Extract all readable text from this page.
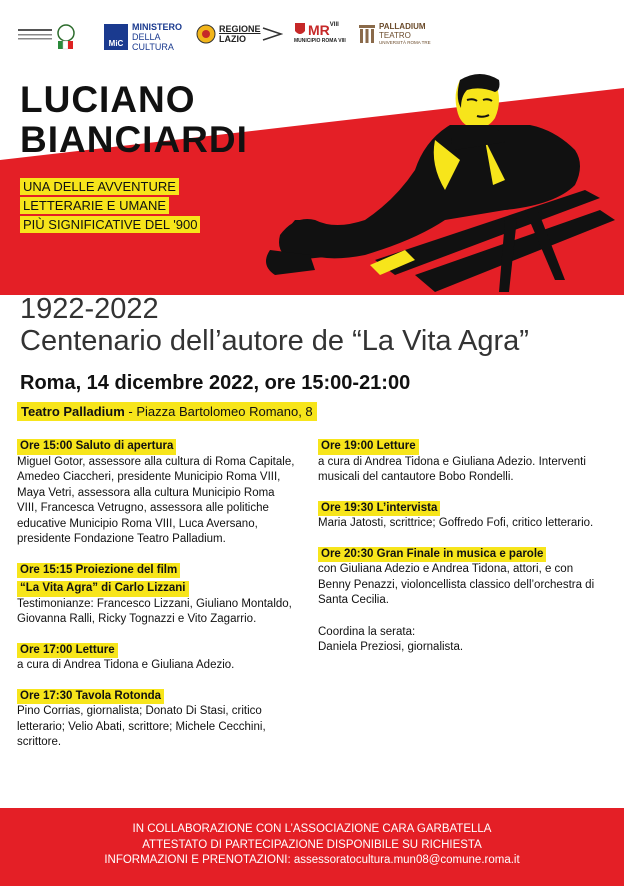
MiC
MINISTERO
DELLA
CULTURA
REGIONE
LAZIO
MR VIII
MUNICIPIO ROMA VIII
PALLADIUM
TEATRO
UNIVERSITÀ ROMA TRE
LUCIANO
BIANCIARDI
UNA DELLE AVVENTURE
LETTERARIE E UMANE
PIÙ SIGNIFICATIVE DEL '900
1922-2022
Centenario dell’autore de “La Vita Agra”
Roma, 14 dicembre 2022, ore 15:00-21:00
Teatro Palladium - Piazza Bartolomeo Romano, 8
Ore 15:00 Saluto di apertura

Miguel Gotor, assessore alla cultura di Roma Capitale, Amedeo Ciaccheri, presidente Municipio Roma VIII, Maya Vetri, assessora alla cultura Municipio Roma VIII, Francesca Vetrugno, assessora alle politiche educative Municipio Roma VIII, Luca Aversano, presidente Fondazione Teatro Palladium.

Ore 15:15 Proiezione del film
“La Vita Agra” di Carlo Lizzani

Testimonianze: Francesco Lizzani, Giuliano Montaldo, Giovanna Ralli, Ricky Tognazzi e Vito Zagarrio.

Ore 17:00 Letture

a cura di Andrea Tidona e Giuliana Adezio.

Ore 17:30 Tavola Rotonda

Pino Corrias, giornalista; Donato Di Stasi, critico letterario; Velio Abati, scrittore; Michele Cecchini, scrittore.

Ore 19:00 Letture

a cura di Andrea Tidona e Giuliana Adezio. Interventi musicali del cantautore Bobo Rondelli.

Ore 19:30 L’intervista

Maria Jatosti, scrittrice; Goffredo Fofi, critico letterario.

Ore 20:30 Gran Finale in musica e parole

con Giuliana Adezio e Andrea Tidona, attori, e con Benny Penazzi, violoncellista classico dell’orchestra di Santa Cecilia.

Coordina la serata:

Daniela Preziosi, giornalista.

IN COLLABORAZIONE CON L’ASSOCIAZIONE CARA GARBATELLA

ATTESTATO DI PARTECIPAZIONE DISPONIBILE SU RICHIESTA

INFORMAZIONI E PRENOTAZIONI: assessoratocultura.mun08@comune.roma.it
